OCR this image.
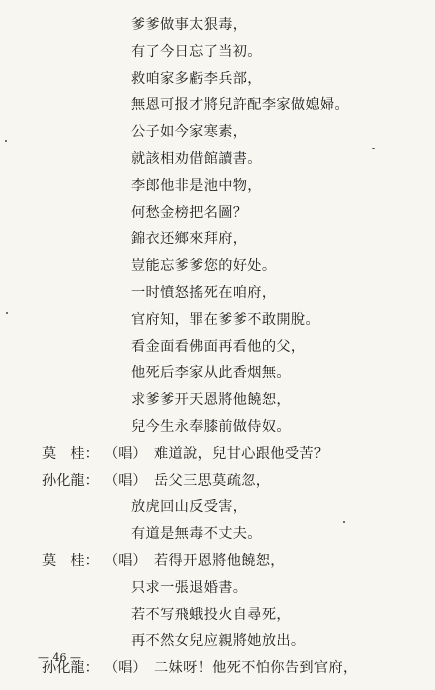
— 46 —
爹爹做事太狠毒，
有了今日忘了当初。
救咱家多虧李兵部，
無恩可报才將兒許配李家做媳婦。
公子如今家寒素，
就該相劝借館讀書。
李郎他非是池中物，
何愁金榜把名圖？
錦衣还鄉來拜府，
豈能忘爹爹您的好处。
一时憤怒搖死在咱府，
官府知，罪在爹爹不敢開脫。
看金面看佛面再看他的父，
他死后李家从此香烟無。
求爹爹开天恩將他饒恕，
兒今生永奉膝前做侍奴。
莫　桂： （唱） 难道說，兒甘心跟他受苦？
孙化龍： （唱） 岳父三思莫疏忽，
放虎回山反受害，
有道是無毒不丈夫。
莫　桂： （唱） 若得开恩將他饒恕，
只求一張退婚書。
若不写飛蛾投火自尋死，
再不然女兒应親將她放出。
孙化龍： （唱） 二妹呀！他死不怕你告到官府，
